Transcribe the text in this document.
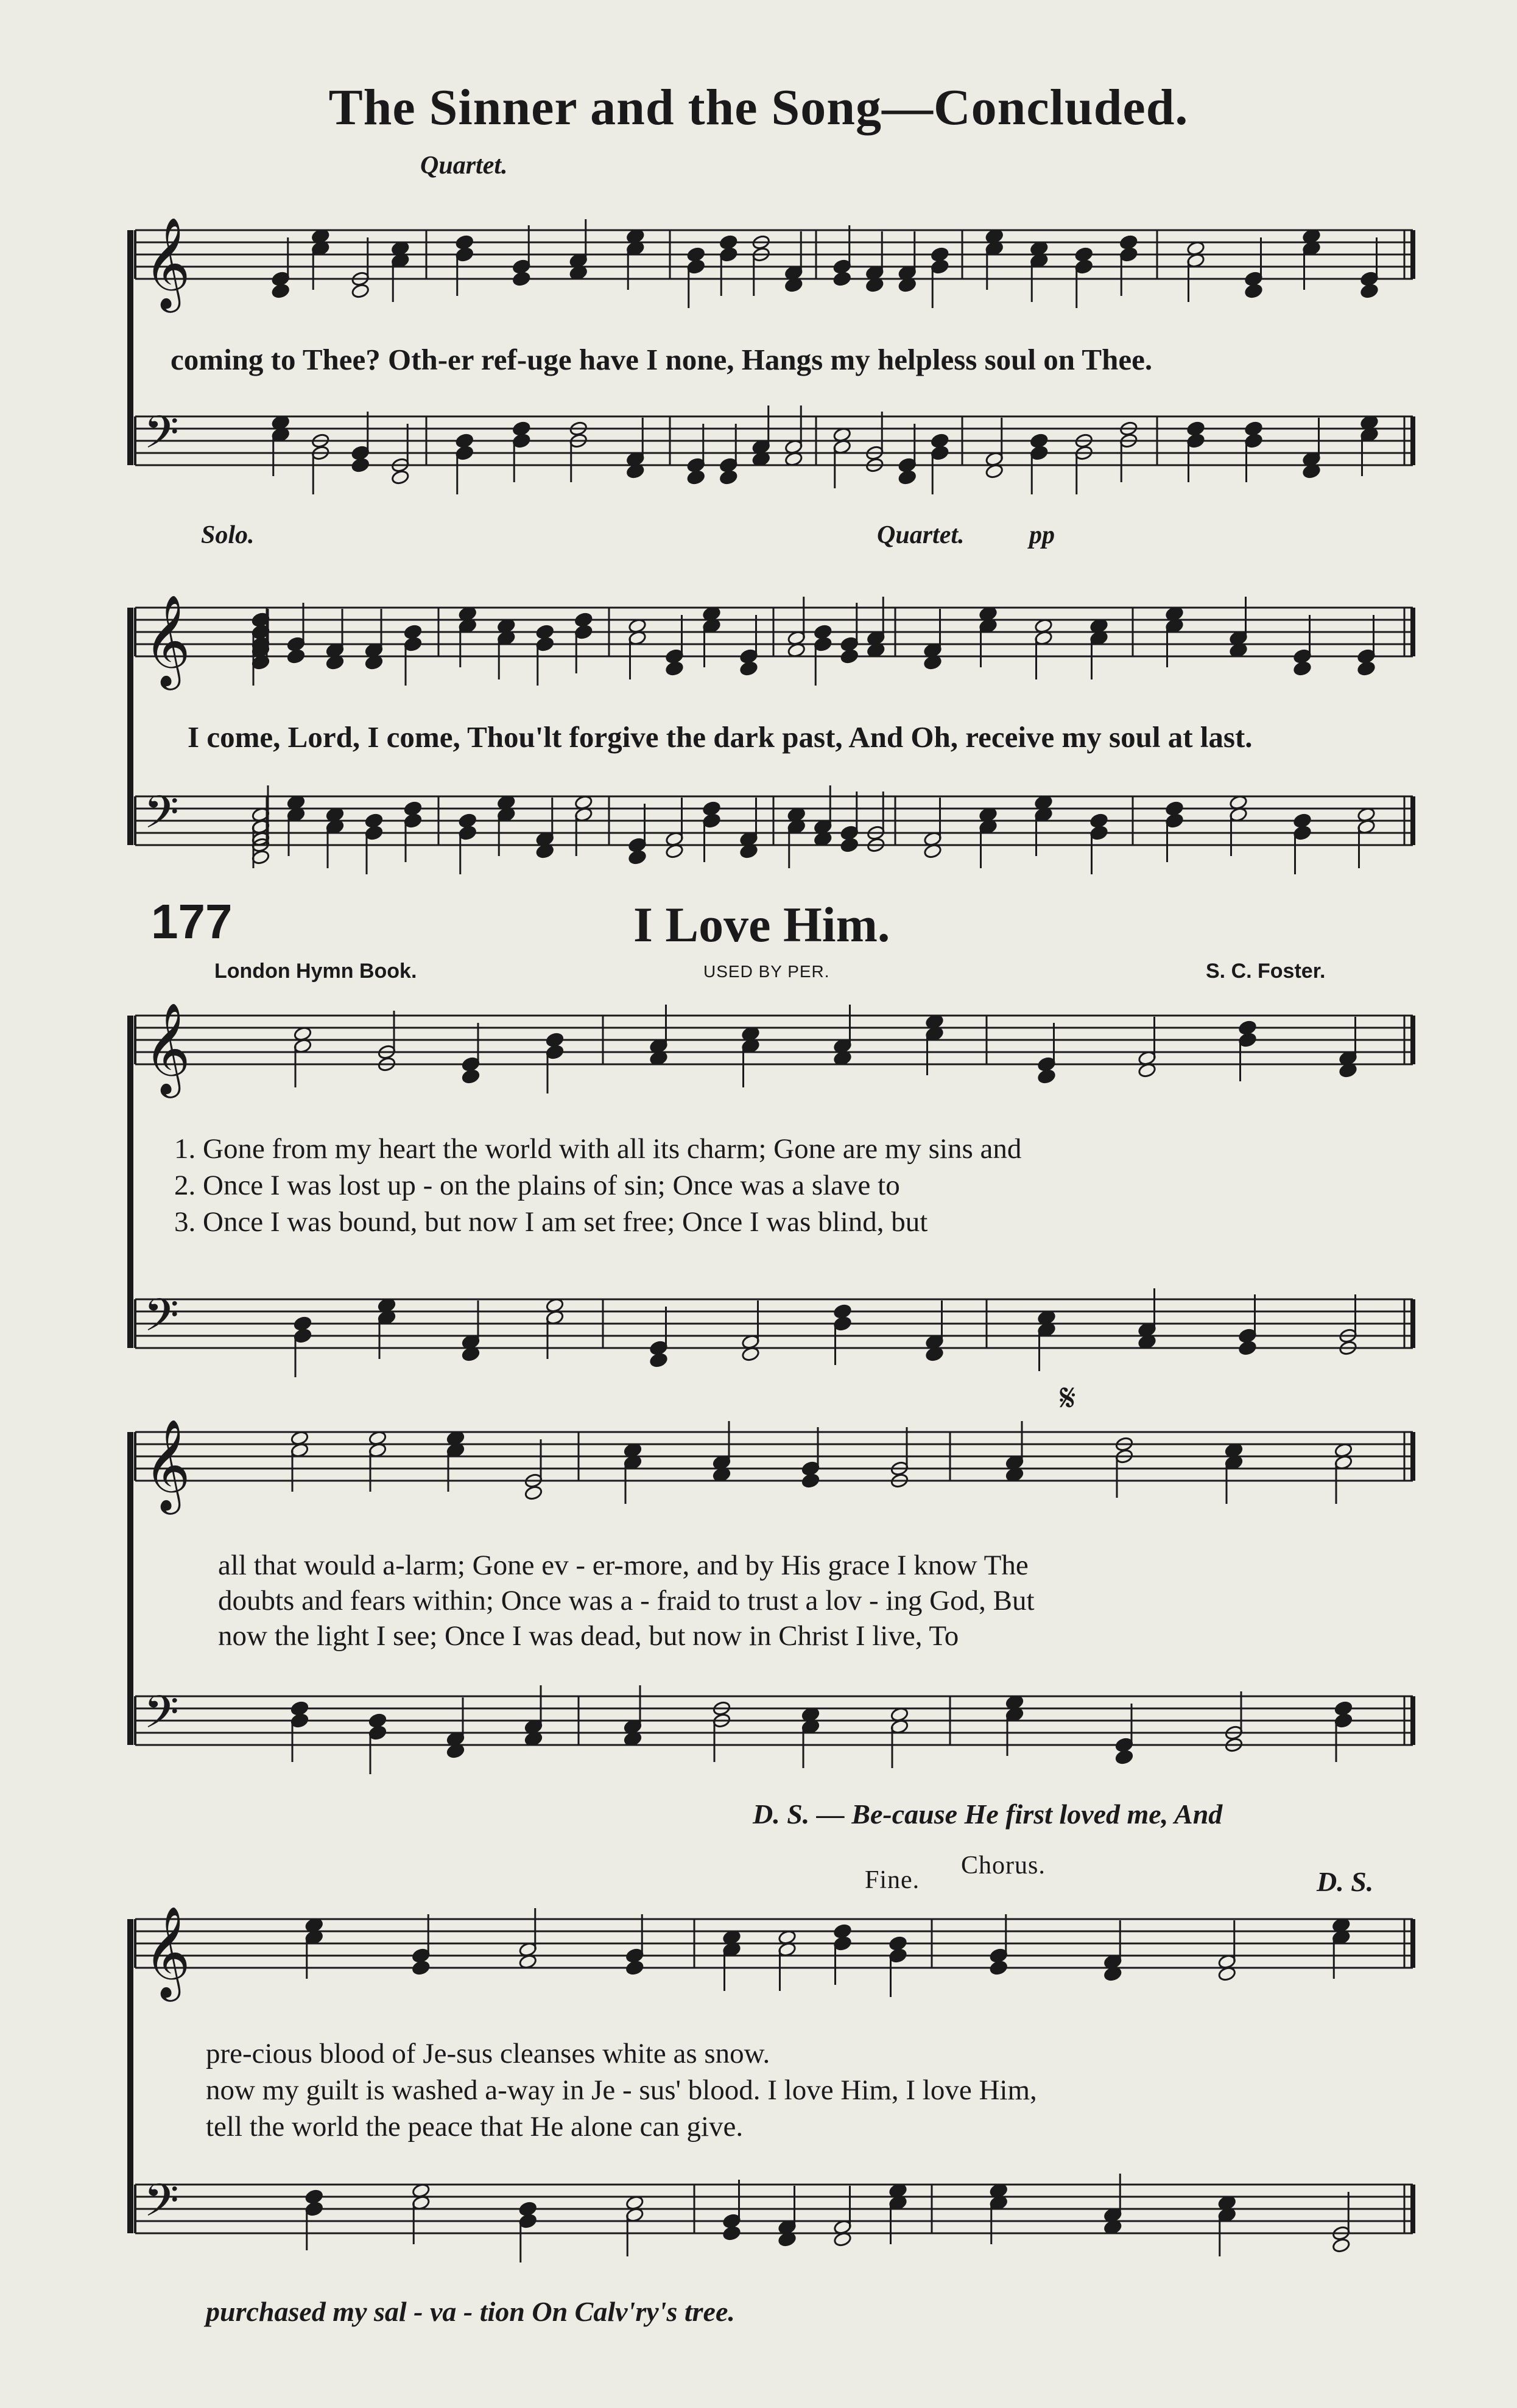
𝄞
𝄢
𝄞
𝄢
𝄞
𝄢
𝄞
𝄢
𝄞
𝄢
The Sinner and the Song—Concluded.
Quartet.
coming to Thee? Oth-er ref-uge have I none, Hangs my helpless soul on Thee.
Solo.	Quartet.	pp
I come, Lord, I come, Thou'lt forgive the dark past, And Oh, receive my soul at last.
177	I Love Him.
London Hymn Book.	USED BY PER.	S. C. Foster.
1. Gone from my heart the world with all its charm; Gone are my sins and
2. Once I was lost up - on the plains of sin; Once was a slave to
3. Once I was bound, but now I am set free; Once I was blind, but
all that would a-larm; Gone ev - er-more, and by His grace I know The
doubts and fears within; Once was a - fraid to trust a lov - ing God, But
now the light I see; Once I was dead, but now in Christ I live, To
𝄋
D. S. — Be-cause He first loved me, And
Fine.
Chorus.
D. S.
pre-cious blood of Je-sus cleanses white as snow.
now my guilt is washed a-way in Je - sus' blood. I love Him, I love Him,
tell the world the peace that He alone can give.
purchased my sal - va - tion On Calv'ry's tree.
